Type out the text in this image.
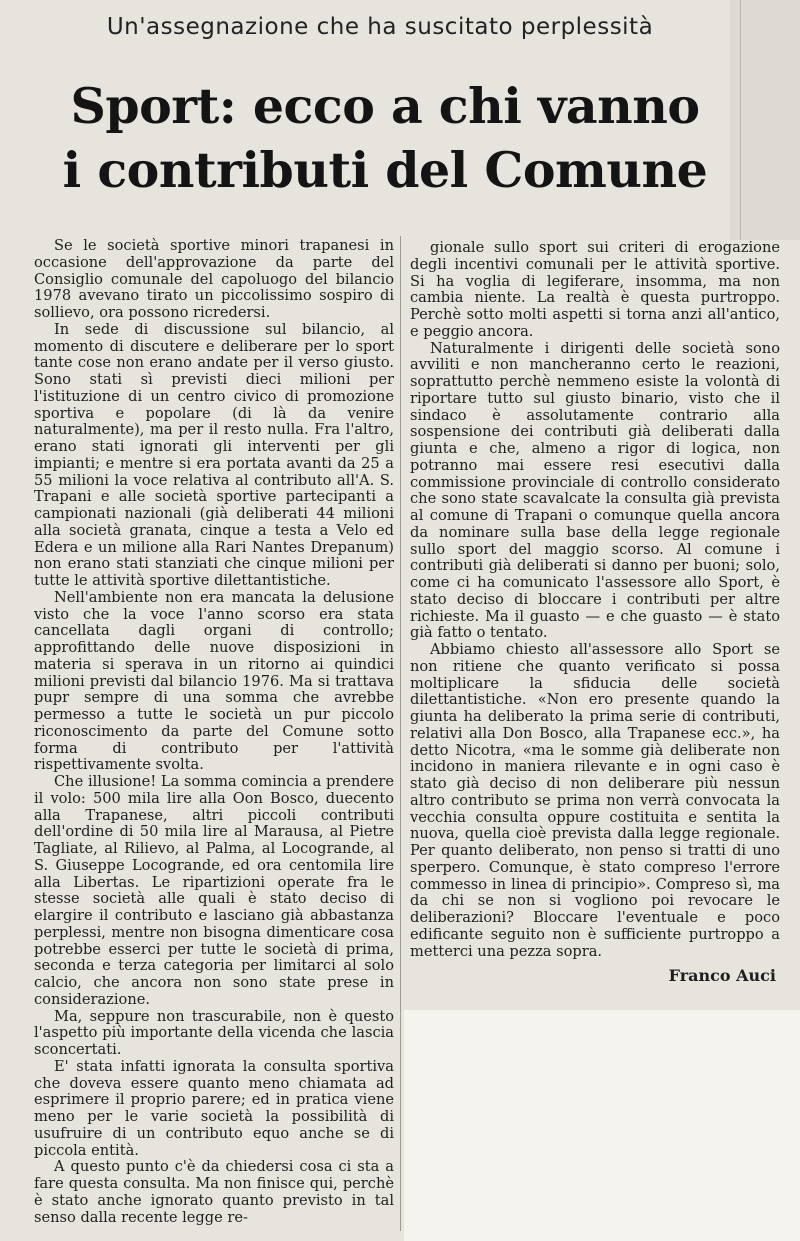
Un'assegnazione che ha suscitato perplessità
Sport: ecco a chi vanno
i contributi del Comune

Se le società sportive minori trapanesi in occasione dell'approvazione da parte del Consiglio comunale del capoluogo del bilancio 1978 avevano tirato un piccolissimo sospiro di sollievo, ora possono ricredersi.

In sede di discussione sul bilancio, al momento di discutere e deliberare per lo sport tante cose non erano andate per il verso giusto. Sono stati sì previsti dieci milioni per l'istituzione di un centro civico di promozione sportiva e popolare (di là da venire naturalmente), ma per il resto nulla. Fra l'altro, erano stati ignorati gli interventi per gli impianti; e mentre si era portata avanti da 25 a 55 milioni la voce relativa al contributo all'A. S. Trapani e alle società sportive partecipanti a campionati nazionali (già deliberati 44 milioni alla società granata, cinque a testa a Velo ed Edera e un milione alla Rari Nantes Drepanum) non erano stati stanziati che cinque milioni per tutte le attività sportive dilettantistiche.

Nell'ambiente non era mancata la delusione visto che la voce l'anno scorso era stata cancellata dagli organi di controllo; approfittando delle nuove disposizioni in materia si sperava in un ritorno ai quindici milioni previsti dal bilancio 1976. Ma si trattava pupr sempre di una somma che avrebbe permesso a tutte le società un pur piccolo riconoscimento da parte del Comune sotto forma di contributo per l'attività rispettivamente svolta.

Che illusione! La somma comincia a prendere il volo: 500 mila lire alla Oon Bosco, duecento alla Trapanese, altri piccoli contributi dell'ordine di 50 mila lire al Marausa, al Pietre Tagliate, al Rilievo, al Palma, al Locogrande, al S. Giuseppe Locogrande, ed ora centomila lire alla Libertas. Le ripartizioni operate fra le stesse società alle quali è stato deciso di elargire il contributo e lasciano già abbastanza perplessi, mentre non bisogna dimenticare cosa potrebbe esserci per tutte le società di prima, seconda e terza categoria per limitarci al solo calcio, che ancora non sono state prese in considerazione.

Ma, seppure non trascurabile, non è questo l'aspetto più importante della vicenda che lascia sconcertati.

E' stata infatti ignorata la consulta sportiva che doveva essere quanto meno chiamata ad esprimere il proprio parere; ed in pratica viene meno per le varie società la possibilità di usufruire di un contributo equo anche se di piccola entità.

A questo punto c'è da chiedersi cosa ci sta a fare questa consulta. Ma non finisce qui, perchè è stato anche ignorato quanto previsto in tal senso dalla recente legge re-

gionale sullo sport sui criteri di erogazione degli incentivi comunali per le attività sportive. Si ha voglia di legiferare, insomma, ma non cambia niente. La realtà è questa purtroppo. Perchè sotto molti aspetti si torna anzi all'antico, e peggio ancora.

Naturalmente i dirigenti delle società sono avviliti e non mancheranno certo le reazioni, soprattutto perchè nemmeno esiste la volontà di riportare tutto sul giusto binario, visto che il sindaco è assolutamente contrario alla sospensione dei contributi già deliberati dalla giunta e che, almeno a rigor di logica, non potranno mai essere resi esecutivi dalla commissione provinciale di controllo considerato che sono state scavalcate la consulta già prevista al comune di Trapani o comunque quella ancora da nominare sulla base della legge regionale sullo sport del maggio scorso. Al comune i contributi già deliberati si danno per buoni; solo, come ci ha comunicato l'assessore allo Sport, è stato deciso di bloccare i contributi per altre richieste. Ma il guasto — e che guasto — è stato già fatto o tentato.

Abbiamo chiesto all'assessore allo Sport se non ritiene che quanto verificato si possa moltiplicare la sfiducia delle società dilettantistiche. «Non ero presente quando la giunta ha deliberato la prima serie di contributi, relativi alla Don Bosco, alla Trapanese ecc.», ha detto Nicotra, «ma le somme già deliberate non incidono in maniera rilevante e in ogni caso è stato già deciso di non deliberare più nessun altro contributo se prima non verrà convocata la vecchia consulta oppure costituita e sentita la nuova, quella cioè prevista dalla legge regionale. Per quanto deliberato, non penso si tratti di uno sperpero. Comunque, è stato compreso l'errore commesso in linea di principio». Compreso sì, ma da chi se non si vogliono poi revocare le deliberazioni? Bloccare l'eventuale e poco edificante seguito non è sufficiente purtroppo a metterci una pezza sopra.

Franco Auci
